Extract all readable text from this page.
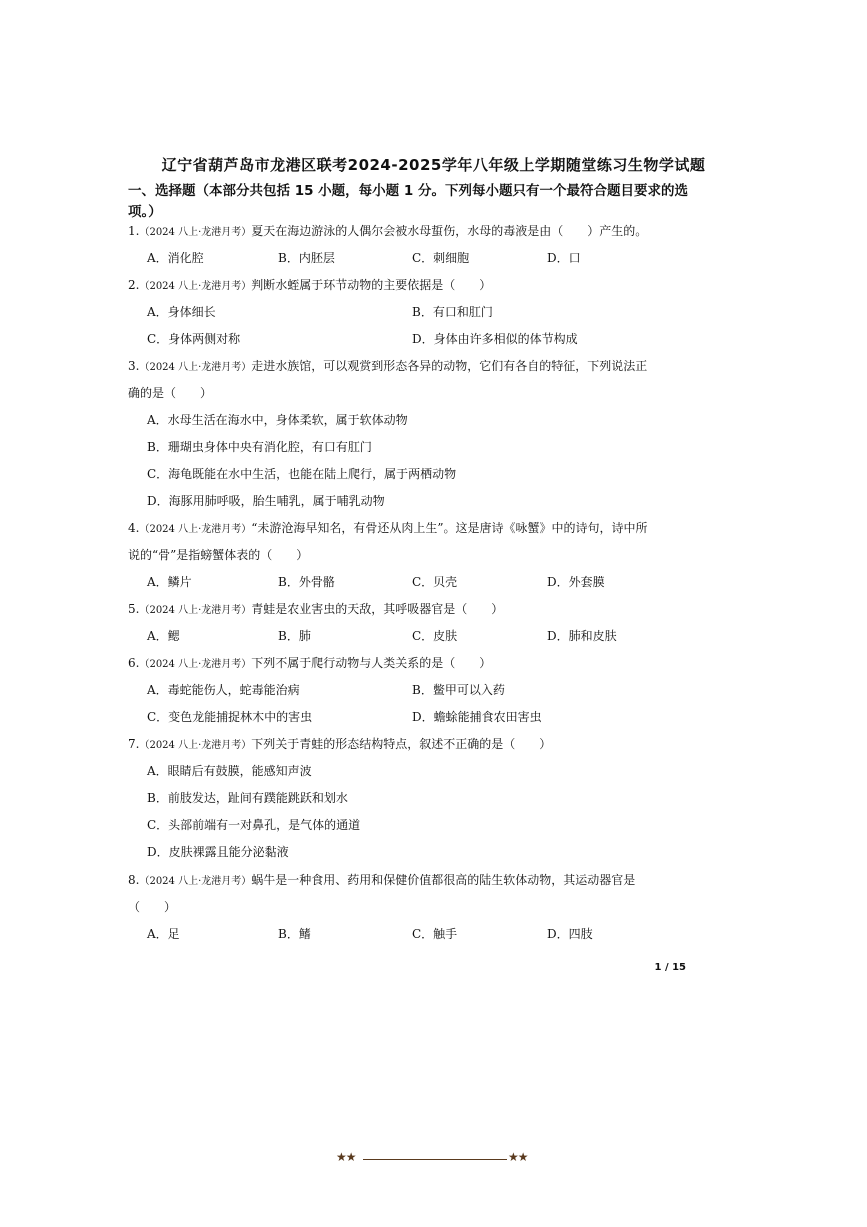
辽宁省葫芦岛市龙港区联考2024-2025学年八年级上学期随堂练习生物学试题
一、选择题（本部分共包括 15 小题，每小题 1 分。下列每小题只有一个最符合题目要求的选
项。）
1.（2024 八上·龙港月考）夏天在海边游泳的人偶尔会被水母蜇伤，水母的毒液是由（　　）产生的。
A．消化腔	B．内胚层	C．刺细胞	D．口
2.（2024 八上·龙港月考）判断水蛭属于环节动物的主要依据是（　　）
A．身体细长	B．有口和肛门
C．身体两侧对称	D．身体由许多相似的体节构成
3.（2024 八上·龙港月考）走进水族馆，可以观赏到形态各异的动物，它们有各自的特征，下列说法正
确的是（　　）
A．水母生活在海水中，身体柔软，属于软体动物
B．珊瑚虫身体中央有消化腔，有口有肛门
C．海龟既能在水中生活，也能在陆上爬行，属于两栖动物
D．海豚用肺呼吸，胎生哺乳，属于哺乳动物
4.（2024 八上·龙港月考）“未游沧海早知名，有骨还从肉上生”。这是唐诗《咏蟹》中的诗句，诗中所
说的“骨”是指螃蟹体表的（　　）
A．鳞片	B．外骨骼	C．贝壳	D．外套膜
5.（2024 八上·龙港月考）青蛙是农业害虫的天敌，其呼吸器官是（　　）
A．鳃	B．肺	C．皮肤	D．肺和皮肤
6.（2024 八上·龙港月考）下列不属于爬行动物与人类关系的是（　　）
A．毒蛇能伤人，蛇毒能治病	B．鳖甲可以入药
C．变色龙能捕捉林木中的害虫	D．蟾蜍能捕食农田害虫
7.（2024 八上·龙港月考）下列关于青蛙的形态结构特点，叙述不正确的是（　　）
A．眼睛后有鼓膜，能感知声波
B．前肢发达，趾间有蹼能跳跃和划水
C．头部前端有一对鼻孔，是气体的通道
D．皮肤裸露且能分泌黏液
8.（2024 八上·龙港月考）蜗牛是一种食用、药用和保健价值都很高的陆生软体动物，其运动器官是
（　　）
A．足	B．鳍	C．触手	D．四肢
1 / 15
★★	★★
